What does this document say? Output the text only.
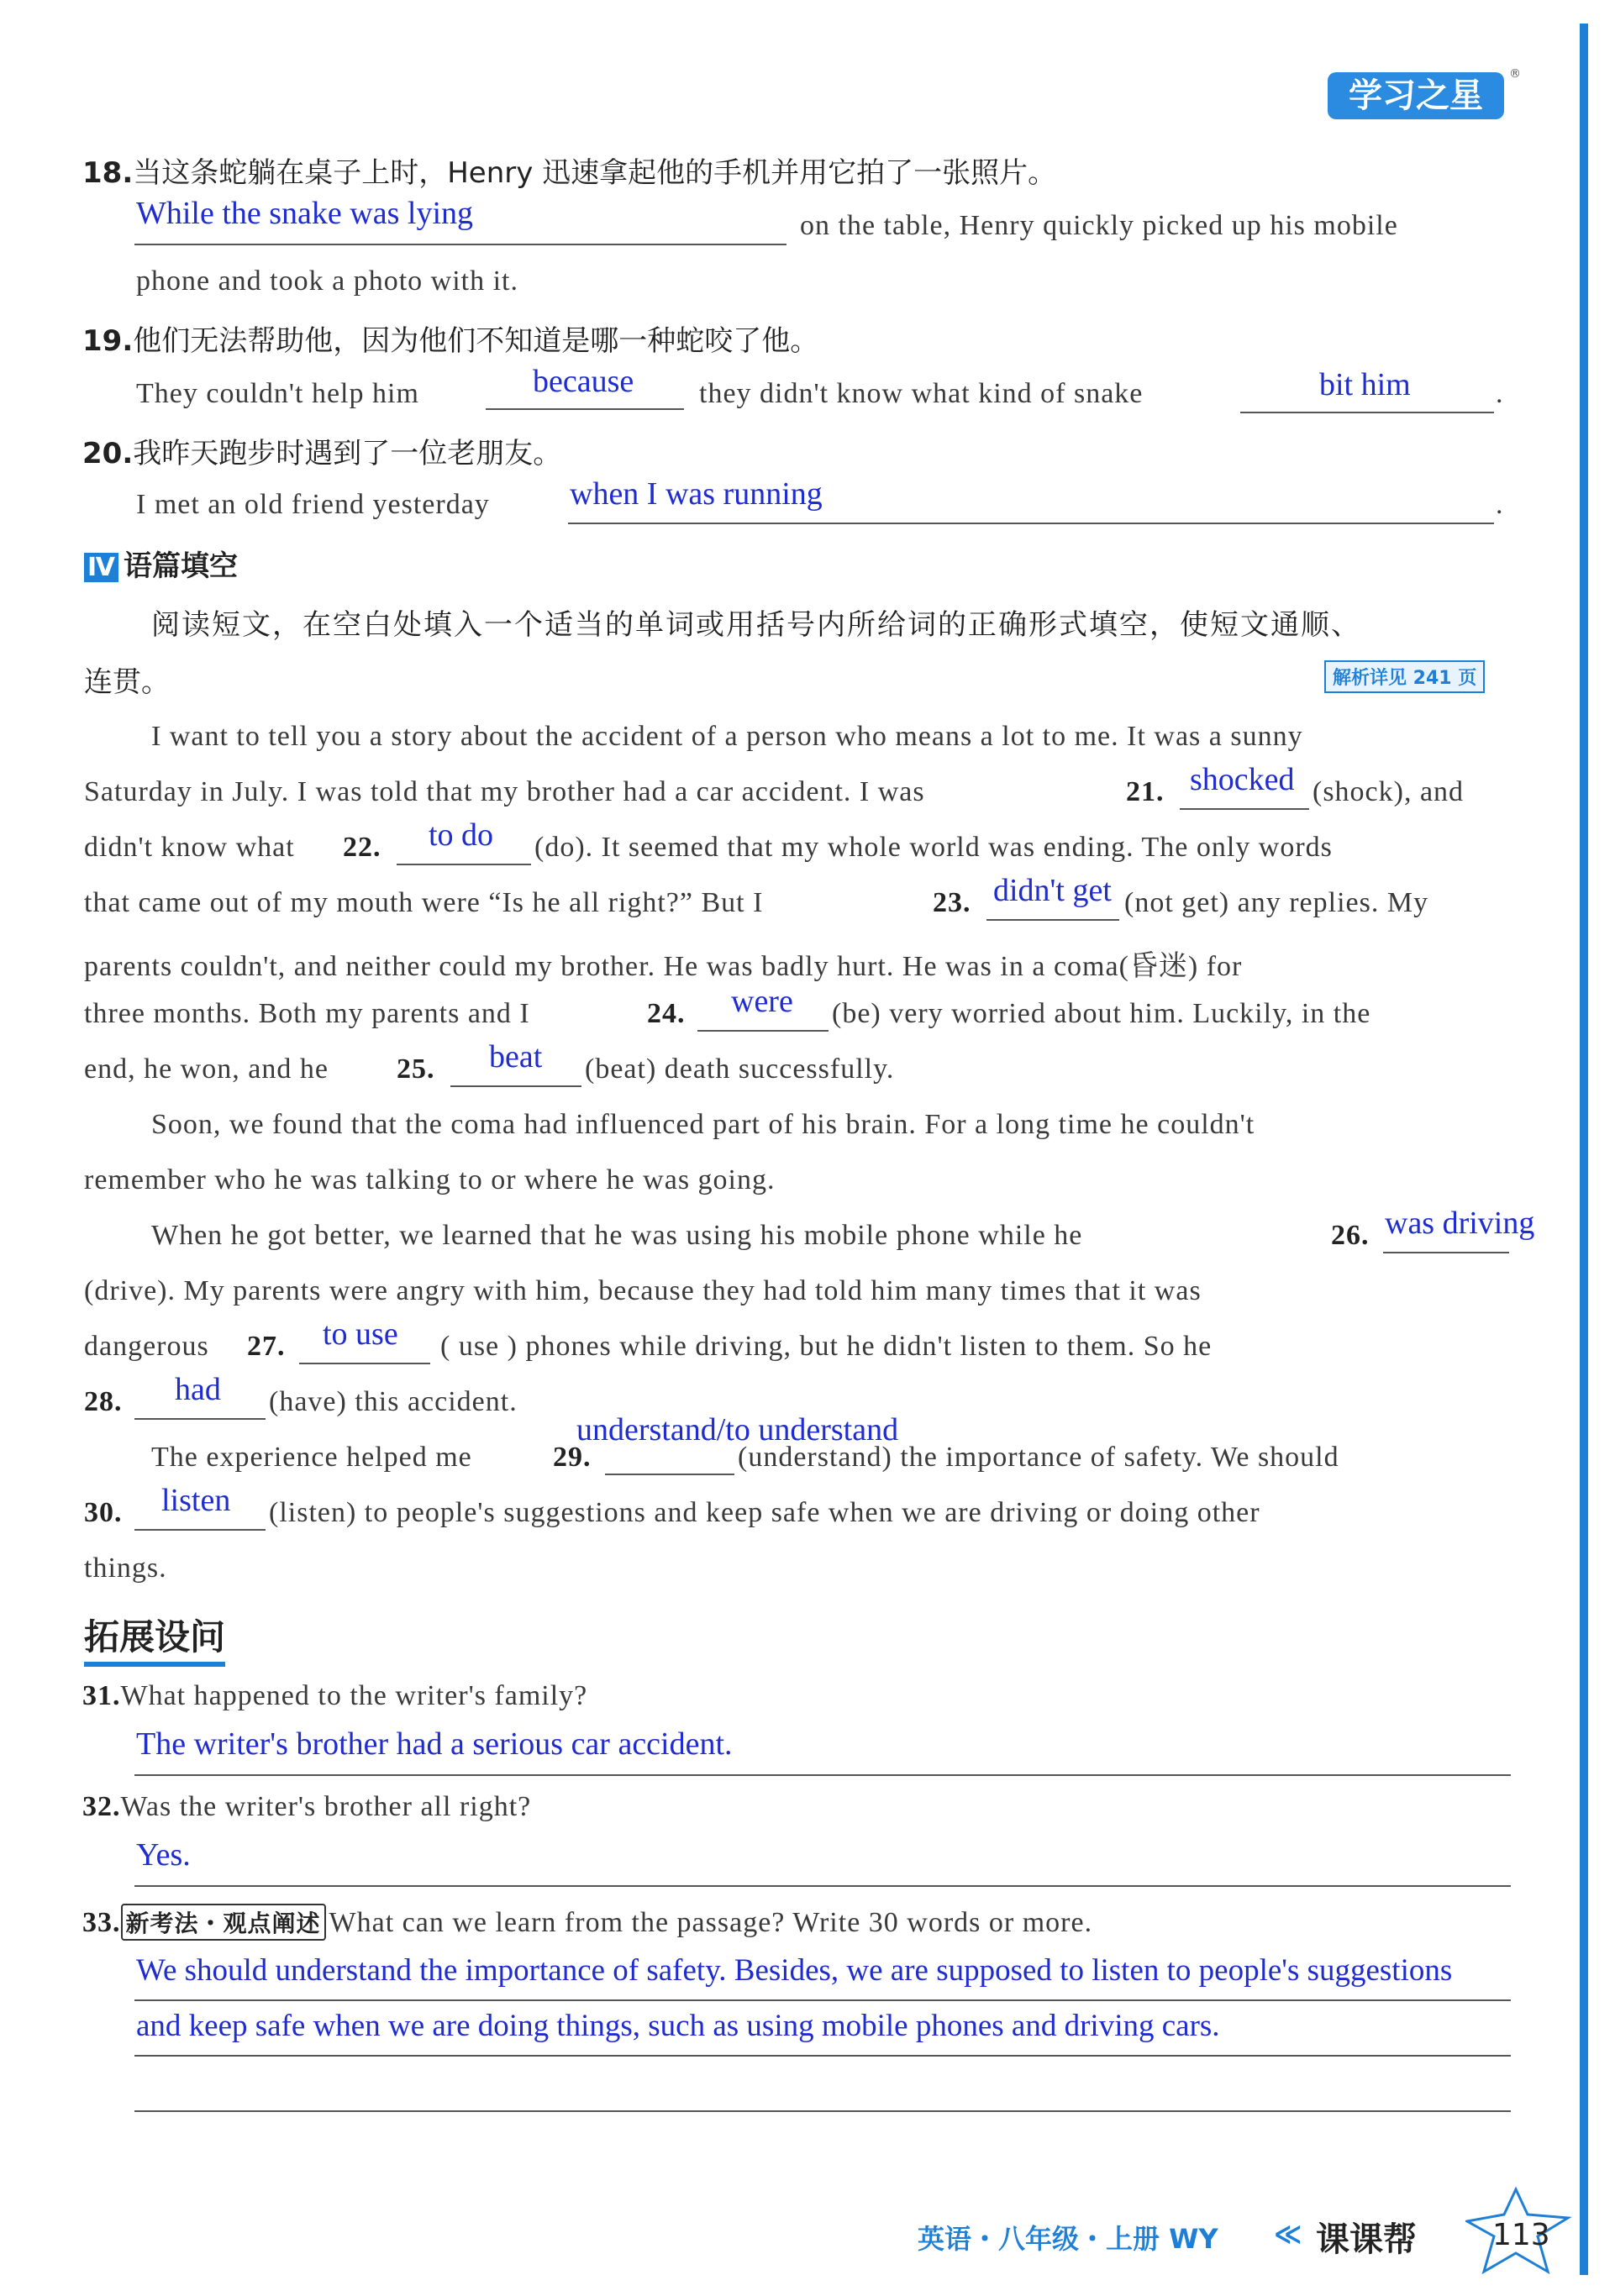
学习之星
®
18.当这条蛇躺在桌子上时，Henry 迅速拿起他的手机并用它拍了一张照片。
While the snake was lying	on the table, Henry quickly picked up his mobile
phone and took a photo with it.
19.他们无法帮助他，因为他们不知道是哪一种蛇咬了他。
They couldn't help him	because they didn't know what kind of snake	bit him	.
20.我昨天跑步时遇到了一位老朋友。
I met an old friend yesterday	when I was running	.
Ⅳ 语篇填空
阅读短文，在空白处填入一个适当的单词或用括号内所给词的正确形式填空，使短文通顺、
连贯。	解析详见 241 页
I want to tell you a story about the accident of a person who means a lot to me. It was a sunny
Saturday in July. I was told that my brother had a car accident. I was	21. shocked (shock), and
didn't know what 22. to do (do). It seemed that my whole world was ending. The only words
that came out of my mouth were “Is he all right?” But I	23. didn't get (not get) any replies. My
parents couldn't, and neither could my brother. He was badly hurt. He was in a coma(昏迷) for
three months. Both my parents and I	24. were (be) very worried about him. Luckily, in the
end, he won, and he 25. beat (beat) death successfully.
Soon, we found that the coma had influenced part of his brain. For a long time he couldn't
remember who he was talking to or where he was going.
When he got better, we learned that he was using his mobile phone while he	26. was driving
(drive). My parents were angry with him, because they had told him many times that it was
dangerous 27. to use ( use ) phones while driving, but he didn't listen to them. So he
28. had (have) this accident.
understand/to understand
The experience helped me	29.	(understand) the importance of safety. We should
30. listen (listen) to people's suggestions and keep safe when we are driving or doing other
things.
拓展设问
31.What happened to the writer's family?
The writer's brother had a serious car accident.
32.Was the writer's brother all right?
Yes.
33. 新考法・观点阐述 What can we learn from the passage? Write 30 words or more.
We should understand the importance of safety. Besides, we are supposed to listen to people's suggestions
and keep safe when we are doing things, such as using mobile phones and driving cars.
英语・八年级・上册 WY ≪ 课课帮	113
